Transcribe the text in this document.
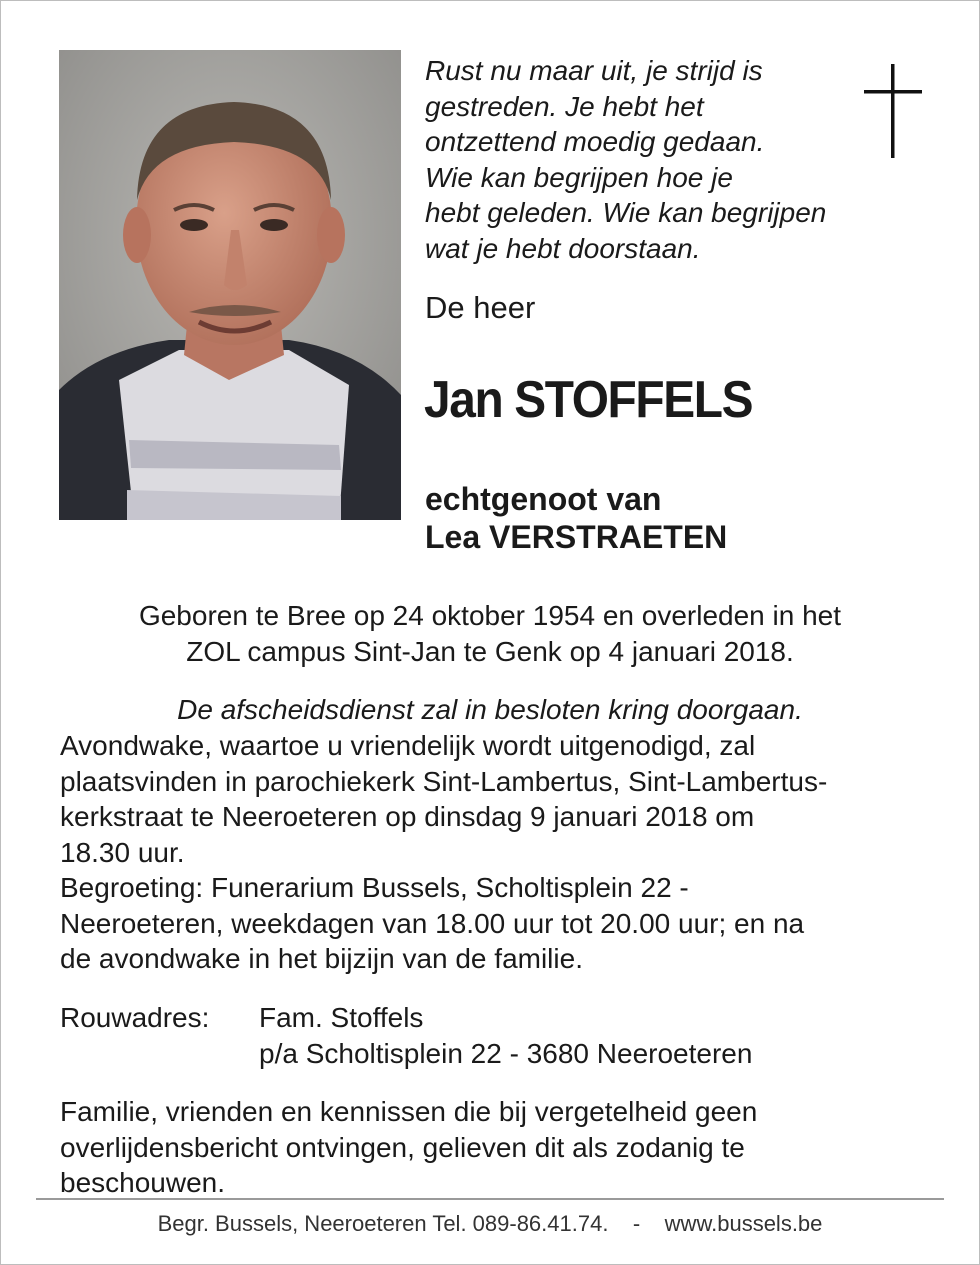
Rust nu maar uit, je strijd is
gestreden. Je hebt het
ontzettend moedig gedaan.
Wie kan begrijpen hoe je
hebt geleden. Wie kan begrijpen
wat je hebt doorstaan.
De heer
Jan STOFFELS
echtgenoot van
Lea VERSTRAETEN
Geboren te Bree op 24 oktober 1954 en overleden in het
ZOL campus Sint-Jan te Genk op 4 januari 2018.
De afscheidsdienst zal in besloten kring doorgaan.
Avondwake, waartoe u vriendelijk wordt uitgenodigd, zal
plaatsvinden in parochiekerk Sint-Lambertus, Sint-Lambertus-
kerkstraat te Neeroeteren op dinsdag 9 januari 2018 om
18.30 uur.
Begroeting: Funerarium Bussels, Scholtisplein 22 -
Neeroeteren, weekdagen van 18.00 uur tot 20.00 uur; en na
de avondwake in het bijzijn van de familie.
Rouwadres: Fam. Stoffels
p/a Scholtisplein 22 - 3680 Neeroeteren
Familie, vrienden en kennissen die bij vergetelheid geen
overlijdensbericht ontvingen, gelieven dit als zodanig te
beschouwen.
Begr. Bussels, Neeroeteren Tel. 089-86.41.74.    -    www.bussels.be
